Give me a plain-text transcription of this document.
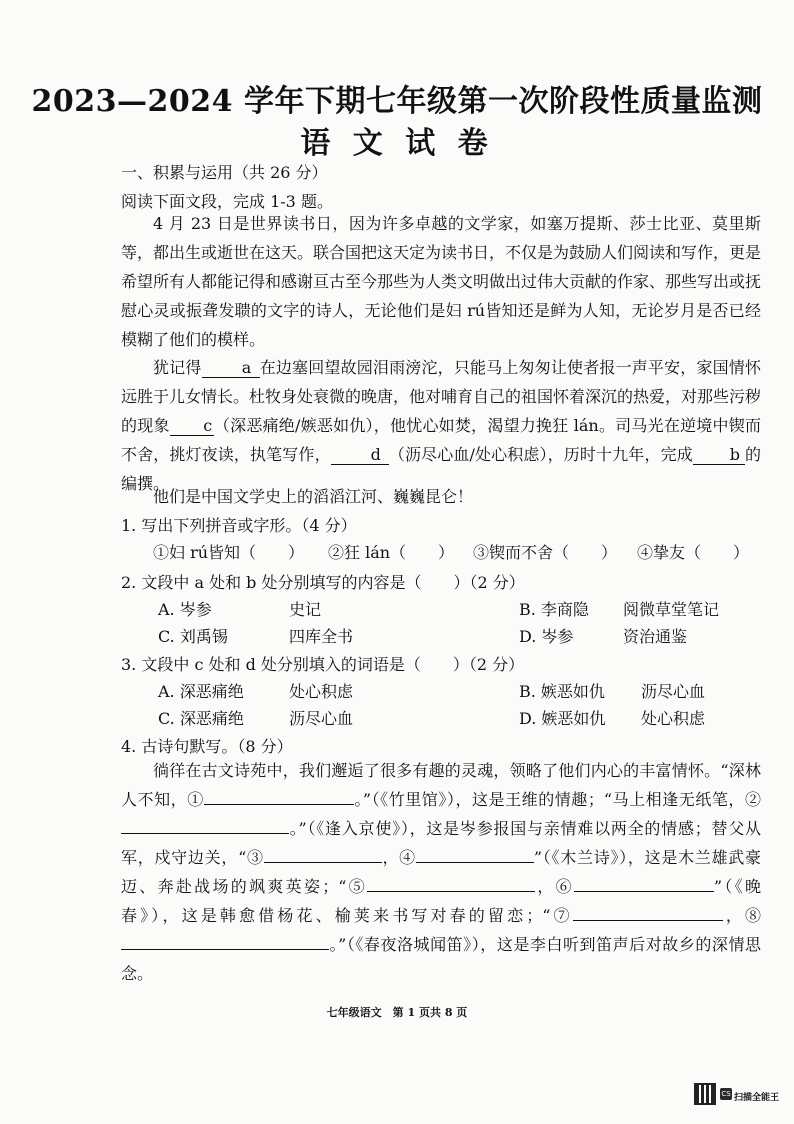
2023—2024 学年下期七年级第一次阶段性质量监测
语 文 试 卷
一、积累与运用（共 26 分）
阅读下面文段，完成 1-3 题。
4 月 23 日是世界读书日，因为许多卓越的文学家，如塞万提斯、莎士比亚、莫里斯等，都出生或逝世在这天。联合国把这天定为读书日，不仅是为鼓励人们阅读和写作，更是希望所有人都能记得和感谢亘古至今那些为人类文明做出过伟大贡献的作家、那些写出或抚慰心灵或振聋发聩的文字的诗人，无论他们是妇 rú皆知还是鲜为人知，无论岁月是否已经模糊了他们的模样。
犹记得	a 在边塞回望故园泪雨滂沱，只能马上匆匆让使者报一声平安，家国情怀远胜于儿女情长。杜牧身处衰微的晚唐，他对哺育自己的祖国怀着深沉的热爱，对那些污秽的现象 c（深恶痛绝/嫉恶如仇），他忧心如焚，渴望力挽狂 lán。司马光在逆境中锲而不舍，挑灯夜读，执笔写作， d （沥尽心血/处心积虑），历时十九年，完成 b 的编撰。
他们是中国文学史上的滔滔江河、巍巍昆仑！
1. 写出下列拼音或字形。（4 分）
①妇 rú皆知（　　） ②狂 lán（　　） ③锲而不舍（　　） ④挚友（　　）
2. 文段中 a 处和 b 处分别填写的内容是（　　）（2 分）
A. 岑参	史记	B. 李商隐 阅微草堂笔记
C. 刘禹锡	四库全书	D. 岑参	资治通鉴
3. 文段中 c 处和 d 处分别填入的词语是（　　）（2 分）
A. 深恶痛绝	处心积虑	B. 嫉恶如仇 沥尽心血
C. 深恶痛绝	沥尽心血	D. 嫉恶如仇 处心积虑
4. 古诗句默写。（8 分）
徜徉在古文诗苑中，我们邂逅了很多有趣的灵魂，领略了他们内心的丰富情怀。“深林人不知，①	。”（《竹里馆》），这是王维的情趣；“马上相逢无纸笔，②。”（《逢入京使》），这是岑参报国与亲情难以两全的情感；替父从军，戍守边关，“③	，④	”（《木兰诗》），这是木兰雄武豪迈、奔赴战场的飒爽英姿；“⑤	，⑥	”（《晚春》），这是韩愈借杨花、榆荚来书写对春的留恋；“⑦	，⑧。”（《春夜洛城闻笛》），这是李白听到笛声后对故乡的深情思念。
七年级语文　第 1 页共 8 页
CS 扫描全能王
